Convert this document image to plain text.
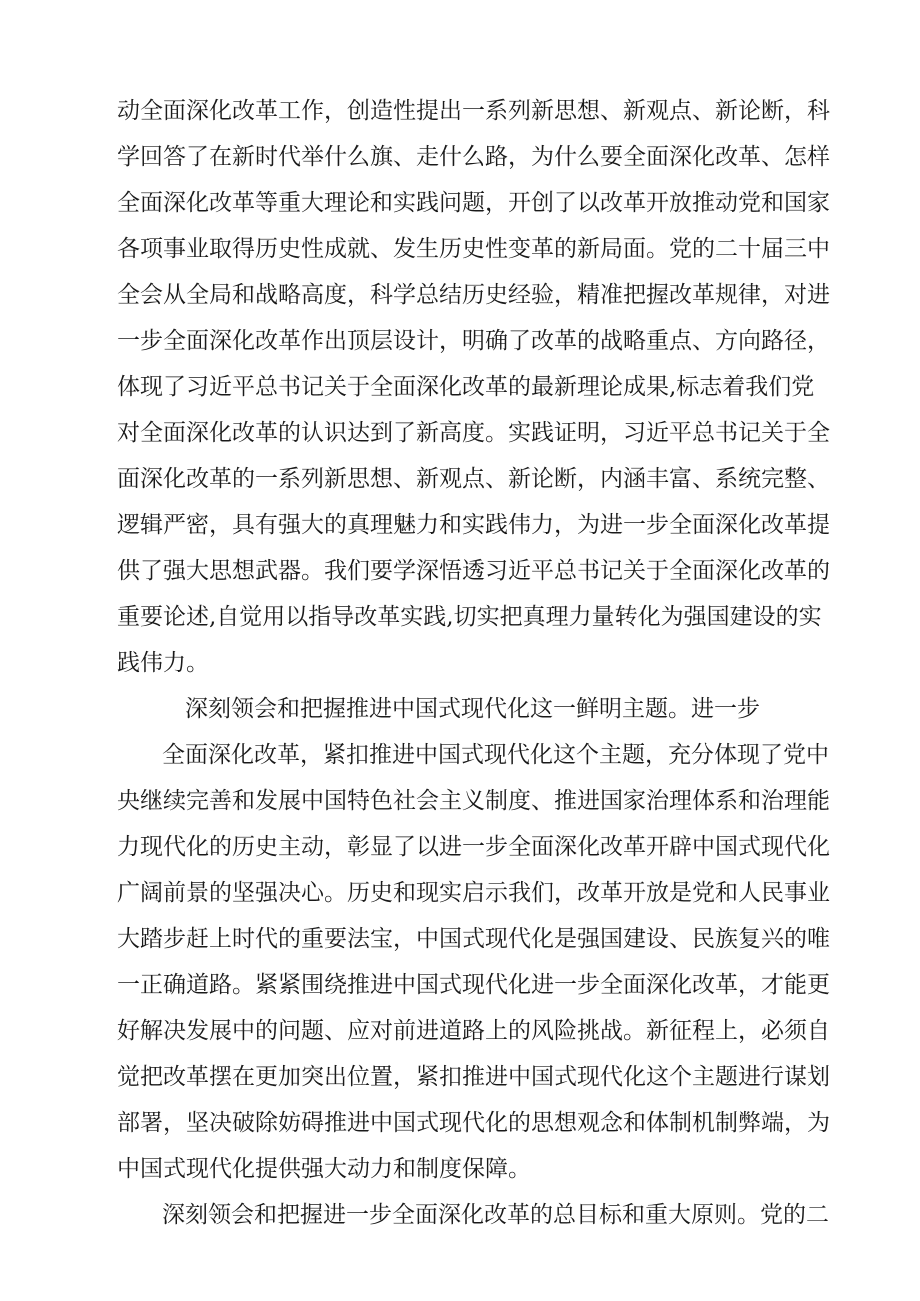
动全面深化改革工作，创造性提出一系列新思想、新观点、新论断，科
学回答了在新时代举什么旗、走什么路，为什么要全面深化改革、怎样
全面深化改革等重大理论和实践问题，开创了以改革开放推动党和国家
各项事业取得历史性成就、发生历史性变革的新局面。党的二十届三中
全会从全局和战略高度，科学总结历史经验，精准把握改革规律，对进
一步全面深化改革作出顶层设计，明确了改革的战略重点、方向路径，
体现了习近平总书记关于全面深化改革的最新理论成果,标志着我们党
对全面深化改革的认识达到了新高度。实践证明，习近平总书记关于全
面深化改革的一系列新思想、新观点、新论断，内涵丰富、系统完整、
逻辑严密，具有强大的真理魅力和实践伟力，为进一步全面深化改革提
供了强大思想武器。我们要学深悟透习近平总书记关于全面深化改革的
重要论述,自觉用以指导改革实践,切实把真理力量转化为强国建设的实
践伟力。
深刻领会和把握推进中国式现代化这一鲜明主题。进一步
全面深化改革，紧扣推进中国式现代化这个主题，充分体现了党中
央继续完善和发展中国特色社会主义制度、推进国家治理体系和治理能
力现代化的历史主动，彰显了以进一步全面深化改革开辟中国式现代化
广阔前景的坚强决心。历史和现实启示我们，改革开放是党和人民事业
大踏步赶上时代的重要法宝，中国式现代化是强国建设、民族复兴的唯
一正确道路。紧紧围绕推进中国式现代化进一步全面深化改革，才能更
好解决发展中的问题、应对前进道路上的风险挑战。新征程上，必须自
觉把改革摆在更加突出位置，紧扣推进中国式现代化这个主题进行谋划
部署，坚决破除妨碍推进中国式现代化的思想观念和体制机制弊端，为
中国式现代化提供强大动力和制度保障。
深刻领会和把握进一步全面深化改革的总目标和重大原则。党的二
